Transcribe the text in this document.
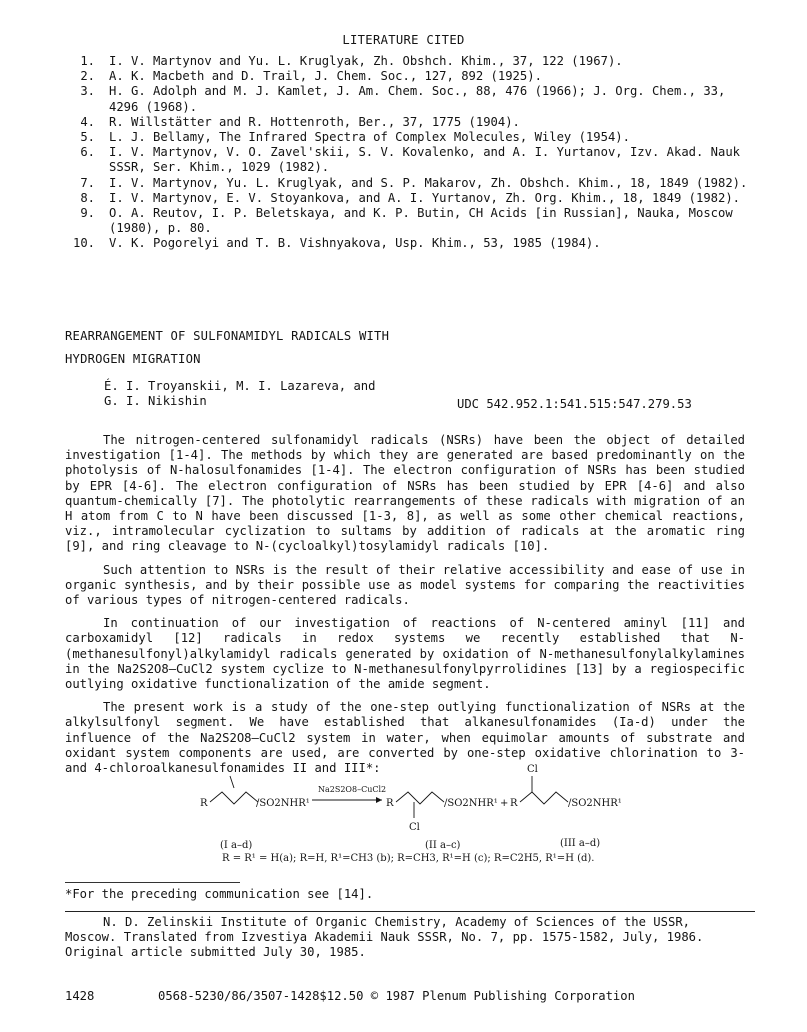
LITERATURE CITED
1. I. V. Martynov and Yu. L. Kruglyak, Zh. Obshch. Khim., 37, 122 (1967).
2. A. K. Macbeth and D. Trail, J. Chem. Soc., 127, 892 (1925).
3. H. G. Adolph and M. J. Kamlet, J. Am. Chem. Soc., 88, 476 (1966); J. Org. Chem., 33, 4296 (1968).
4. R. Willstätter and R. Hottenroth, Ber., 37, 1775 (1904).
5. L. J. Bellamy, The Infrared Spectra of Complex Molecules, Wiley (1954).
6. I. V. Martynov, V. O. Zavel'skii, S. V. Kovalenko, and A. I. Yurtanov, Izv. Akad. Nauk SSSR, Ser. Khim., 1029 (1982).
7. I. V. Martynov, Yu. L. Kruglyak, and S. P. Makarov, Zh. Obshch. Khim., 18, 1849 (1982).
8. I. V. Martynov, E. V. Stoyankova, and A. I. Yurtanov, Zh. Org. Khim., 18, 1849 (1982).
9. O. A. Reutov, I. P. Beletskaya, and K. P. Butin, CH Acids [in Russian], Nauka, Moscow (1980), p. 80.
10. V. K. Pogorelyi and T. B. Vishnyakova, Usp. Khim., 53, 1985 (1984).
REARRANGEMENT OF SULFONAMIDYL RADICALS WITH
HYDROGEN MIGRATION
É. I. Troyanskii, M. I. Lazareva, and
G. I. Nikishin	UDC 542.952.1:541.515:547.279.53

The nitrogen-centered sulfonamidyl radicals (NSRs) have been the object of detailed investigation [1-4]. The methods by which they are generated are based predominantly on the photolysis of N-halosulfonamides [1-4]. The electron configuration of NSRs has been studied by EPR [4-6]. The electron configuration of NSRs has been studied by EPR [4-6] and also quantum-chemically [7]. The photolytic rearrangements of these radicals with migration of an H atom from C to N have been discussed [1-3, 8], as well as some other chemical reactions, viz., intramolecular cyclization to sultams by addition of radicals at the aromatic ring [9], and ring cleavage to N-(cycloalkyl)tosylamidyl radicals [10].

Such attention to NSRs is the result of their relative accessibility and ease of use in organic synthesis, and by their possible use as model systems for comparing the reactivities of various types of nitrogen-centered radicals.

In continuation of our investigation of reactions of N-centered aminyl [11] and carboxamidyl [12] radicals in redox systems we recently established that N-(methanesulfonyl)alkylamidyl radicals generated by oxidation of N-methanesulfonylalkylamines in the Na2S2O8–CuCl2 system cyclize to N-methanesulfonylpyrrolidines [13] by a regiospecific outlying oxidative functionalization of the amide segment.

The present work is a study of the one-step outlying functionalization of NSRs at the alkylsulfonyl segment. We have established that alkanesulfonamides (Ia-d) under the influence of the Na2S2O8–CuCl2 system in water, when equimolar amounts of substrate and oxidant system components are used, are converted by one-step oxidative chlorination to 3- and 4-chloroalkanesulfonamides II and III*:

R	/SO2NHR¹
Na2S2O8–CuCl2
R
Cl
/SO2NHR¹ + R
Cl
/SO2NHR¹
(I a–d)	(II a–c)	(III a–d)
R = R¹ = H(a); R=H, R¹=CH3 (b); R=CH3, R¹=H (c); R=C2H5, R¹=H (d).
*For the preceding communication see [14].
N. D. Zelinskii Institute of Organic Chemistry, Academy of Sciences of the USSR,
Moscow. Translated from Izvestiya Akademii Nauk SSSR, No. 7, pp. 1575-1582, July, 1986.
Original article submitted July 30, 1985.
1428	0568-5230/86/3507-1428$12.50 © 1987 Plenum Publishing Corporation
